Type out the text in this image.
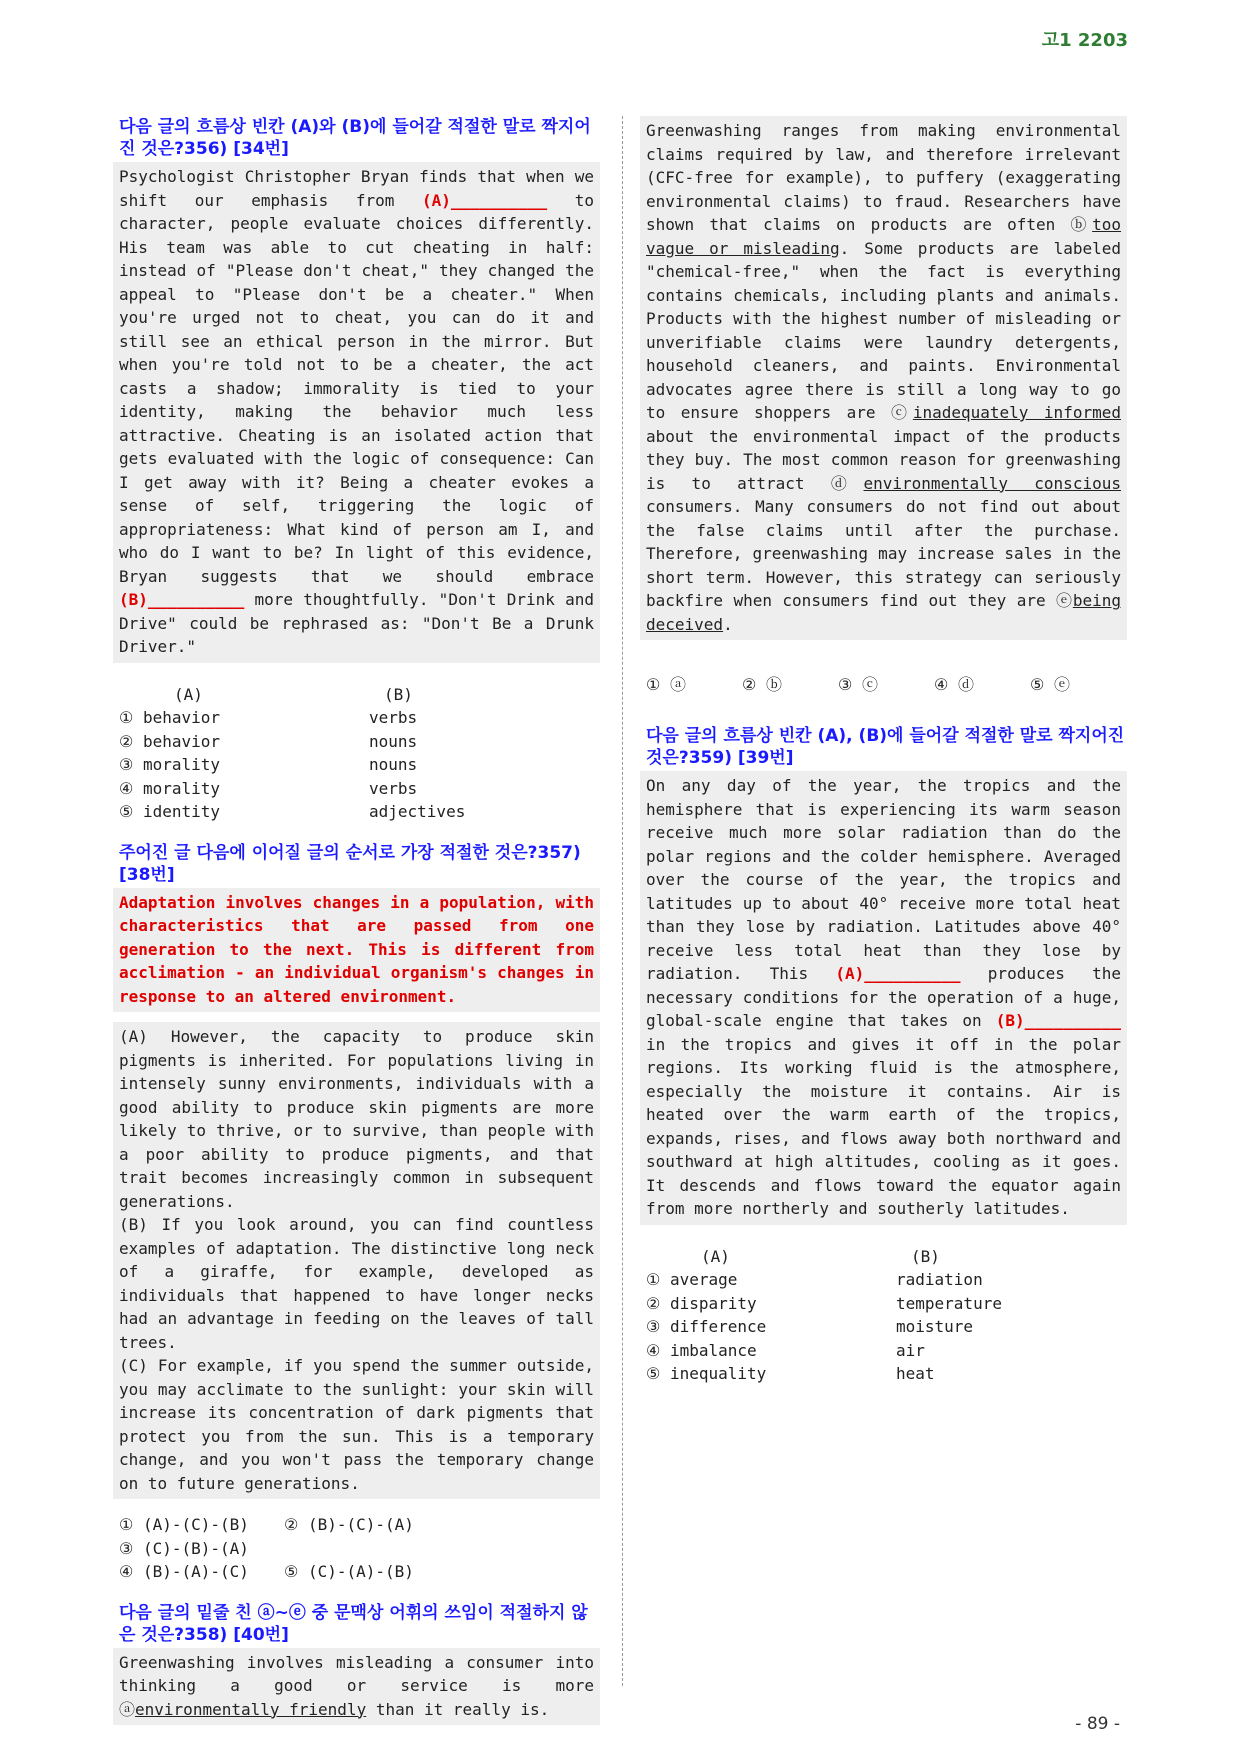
고1 2203
다음 글의 흐름상 빈칸 (A)와 (B)에 들어갈 적절한 말로 짝지어진 것은?356) [34번]
Psychologist Christopher Bryan finds that when we shift our emphasis from (A)__________ to character, people evaluate choices differently. His team was able to cut cheating in half: instead of "Please don't cheat," they changed the appeal to "Please don't be a cheater." When you're urged not to cheat, you can do it and still see an ethical person in the mirror. But when you're told not to be a cheater, the act casts a shadow; immorality is tied to your identity, making the behavior much less attractive. Cheating is an isolated action that gets evaluated with the logic of consequence: Can I get away with it? Being a cheater evokes a sense of self, triggering the logic of appropriateness: What kind of person am I, and who do I want to be? In light of this evidence, Bryan suggests that we should embrace (B)__________ more thoughtfully. "Don't Drink and Drive" could be rephrased as: "Don't Be a Drunk Driver."
(A)	(B)
① behavior	verbs
② behavior	nouns
③ morality	nouns
④ morality	verbs
⑤ identity	adjectives
주어진 글 다음에 이어질 글의 순서로 가장 적절한 것은?357) [38번]
Adaptation involves changes in a population, with characteristics that are passed from one generation to the next. This is different from acclimation - an individual organism's changes in response to an altered environment.
(A) However, the capacity to produce skin pigments is inherited. For populations living in intensely sunny environments, individuals with a good ability to produce skin pigments are more likely to thrive, or to survive, than people with a poor ability to produce pigments, and that trait becomes increasingly common in subsequent generations.
(B) If you look around, you can find countless examples of adaptation. The distinctive long neck of a giraffe, for example, developed as individuals that happened to have longer necks had an advantage in feeding on the leaves of tall trees.
(C) For example, if you spend the summer outside, you may acclimate to the sunlight: your skin will increase its concentration of dark pigments that protect you from the sun. This is a temporary change, and you won't pass the temporary change on to future generations.
① (A)-(C)-(B) ② (B)-(C)-(A)③ (C)-(B)-(A)
④ (B)-(A)-(C) ⑤ (C)-(A)-(B)
다음 글의 밑줄 친 ⓐ~ⓔ 중 문맥상 어휘의 쓰임이 적절하지 않은 것은?358) [40번]
Greenwashing involves misleading a consumer into thinking a good or service is more ⓐenvironmentally friendly than it really is.
Greenwashing ranges from making environmental claims required by law, and therefore irrelevant (CFC-free for example), to puffery (exaggerating environmental claims) to fraud. Researchers have shown that claims on products are often ⓑtoo vague or misleading. Some products are labeled "chemical-free," when the fact is everything contains chemicals, including plants and animals. Products with the highest number of misleading or unverifiable claims were laundry detergents, household cleaners, and paints. Environmental advocates agree there is still a long way to go to ensure shoppers are ⓒinadequately informed about the environmental impact of the products they buy. The most common reason for greenwashing is to attract ⓓenvironmentally conscious consumers. Many consumers do not find out about the false claims until after the purchase. Therefore, greenwashing may increase sales in the short term. However, this strategy can seriously backfire when consumers find out they are ⓔbeing deceived.
① ⓐ	② ⓑ	③ ⓒ	④ ⓓ	⑤ ⓔ
다음 글의 흐름상 빈칸 (A), (B)에 들어갈 적절한 말로 짝지어진 것은?359) [39번]
On any day of the year, the tropics and the hemisphere that is experiencing its warm season receive much more solar radiation than do the polar regions and the colder hemisphere. Averaged over the course of the year, the tropics and latitudes up to about 40° receive more total heat than they lose by radiation. Latitudes above 40° receive less total heat than they lose by radiation. This (A)__________ produces the necessary conditions for the operation of a huge, global-scale engine that takes on (B)__________ in the tropics and gives it off in the polar regions. Its working fluid is the atmosphere, especially the moisture it contains. Air is heated over the warm earth of the tropics, expands, rises, and flows away both northward and southward at high altitudes, cooling as it goes. It descends and flows toward the equator again from more northerly and southerly latitudes.
(A)	(B)
① average	radiation
② disparity	temperature
③ difference	moisture
④ imbalance	air
⑤ inequality	heat
- 89 -
